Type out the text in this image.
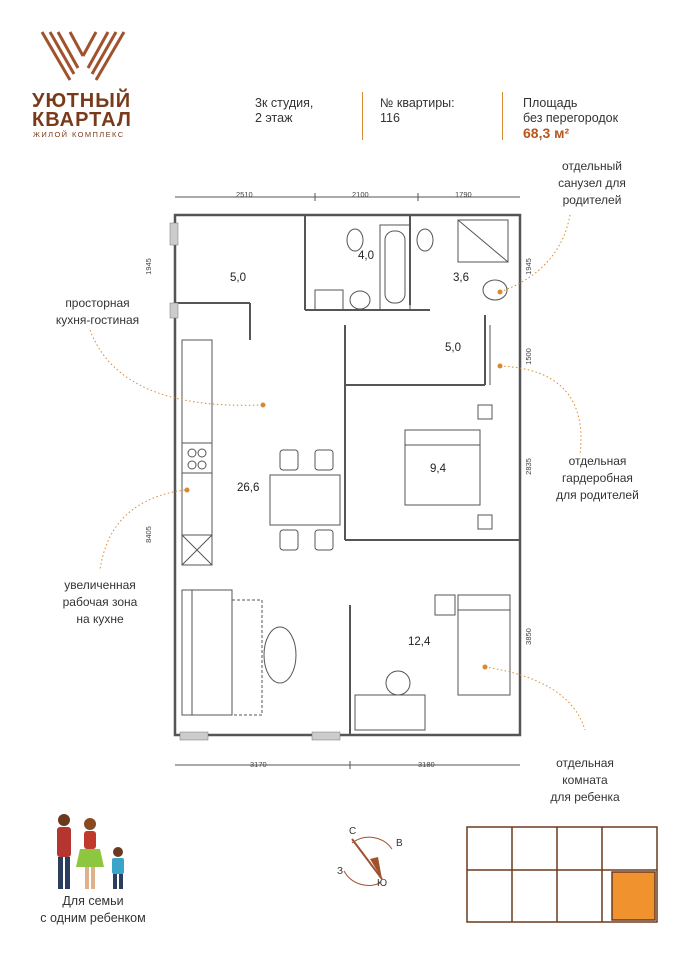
УЮТНЫЙ
КВАРТАЛ
ЖИЛОЙ КОМПЛЕКС
3к студия,
2 этаж
№ квартиры:
116
Площадь
без перегородок
68,3 м²
2510	2100	1790
3170	3180
1945
8405
1945
1500
2835
3850
4,0
3,6
5,0
5,0
26,6
9,4
12,4
отдельный
санузел для
родителей
просторная
кухня-гостиная
отдельная
гардеробная
для родителей
увеличенная
рабочая зона
на кухне
отдельная
комната
для ребенка
Для семьи
с одним ребенком
С
В
Ю
З
